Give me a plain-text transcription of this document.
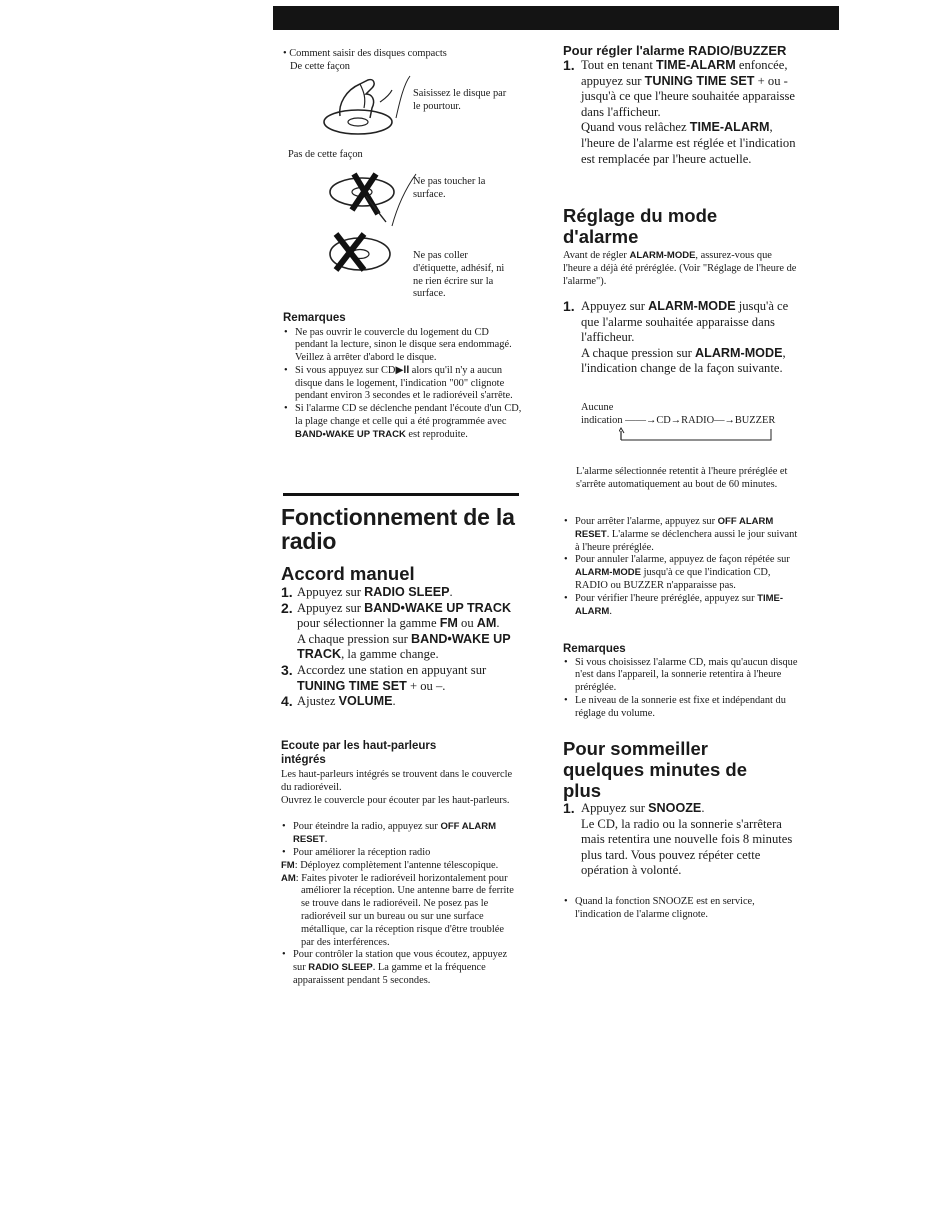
• Comment saisir des disques compacts
De cette façon
Saisissez le disque par le pourtour.
Pas de cette façon
Ne pas toucher la surface.
Ne pas coller d'étiquette, adhésif, ni ne rien écrire sur la surface.
Remarques
• Ne pas ouvrir le couvercle du logement du CD pendant la lecture, sinon le disque sera endommagé.
Veillez à arrêter d'abord le disque.
• Si vous appuyez sur CD▶ll alors qu'il n'y a aucun disque dans le logement, l'indication "00" clignote pendant environ 3 secondes et le radioréveil s'arrête.
• Si l'alarme CD se déclenche pendant l'écoute d'un CD, la plage change et celle qui a été programmée avec BAND•WAKE UP TRACK est reproduite.
Fonctionnement de la radio
Accord manuel
1. Appuyez sur RADIO SLEEP.
2. Appuyez sur BAND•WAKE UP TRACK pour sélectionner la gamme FM ou AM.
A chaque pression sur BAND•WAKE UP TRACK, la gamme change.
3. Accordez une station en appuyant sur TUNING TIME SET + ou –.
4. Ajustez VOLUME.
Ecoute par les haut-parleurs intégrés
Les haut-parleurs intégrés se trouvent dans le couvercle du radioréveil.
Ouvrez le couvercle pour écouter par les haut-parleurs.
• Pour éteindre la radio, appuyez sur OFF ALARM RESET.
• Pour améliorer la réception radio
FM: Déployez complètement l'antenne télescopique.
AM: Faites pivoter le radioréveil horizontalement pour améliorer la réception. Une antenne barre de ferrite se trouve dans le radioréveil. Ne posez pas le radioréveil sur un bureau ou sur une surface métallique, car la réception risque d'être troublée par des interférences.
• Pour contrôler la station que vous écoutez, appuyez sur RADIO SLEEP. La gamme et la fréquence apparaissent pendant 5 secondes.
Pour régler l'alarme RADIO/BUZZER
1. Tout en tenant TIME-ALARM enfoncée, appuyez sur TUNING TIME SET + ou - jusqu'à ce que l'heure souhaitée apparaisse dans l'afficheur.
Quand vous relâchez TIME-ALARM, l'heure de l'alarme est réglée et l'indication est remplacée par l'heure actuelle.
Réglage du mode d'alarme
Avant de régler ALARM-MODE, assurez-vous que l'heure a déjà été préréglée. (Voir "Réglage de l'heure de l'alarme").
1. Appuyez sur ALARM-MODE jusqu'à ce que l'alarme souhaitée apparaisse dans l'afficheur.
A chaque pression sur ALARM-MODE, l'indication change de la façon suivante.
Aucune
indication ——→CD→RADIO—→BUZZER
L'alarme sélectionnée retentit à l'heure préréglée et s'arrête automatiquement au bout de 60 minutes.
• Pour arrêter l'alarme, appuyez sur OFF ALARM RESET. L'alarme se déclenchera aussi le jour suivant à l'heure préréglée.
• Pour annuler l'alarme, appuyez de façon répétée sur ALARM-MODE jusqu'à ce que l'indication CD, RADIO ou BUZZER n'apparaisse pas.
• Pour vérifier l'heure préréglée, appuyez sur TIME-ALARM.
Remarques
• Si vous choisissez l'alarme CD, mais qu'aucun disque n'est dans l'appareil, la sonnerie retentira à l'heure préréglée.
• Le niveau de la sonnerie est fixe et indépendant du réglage du volume.
Pour sommeiller quelques minutes de plus
1. Appuyez sur SNOOZE.
Le CD, la radio ou la sonnerie s'arrêtera mais retentira une nouvelle fois 8 minutes plus tard. Vous pouvez répéter cette opération à volonté.
• Quand la fonction SNOOZE est en service, l'indication de l'alarme clignote.
